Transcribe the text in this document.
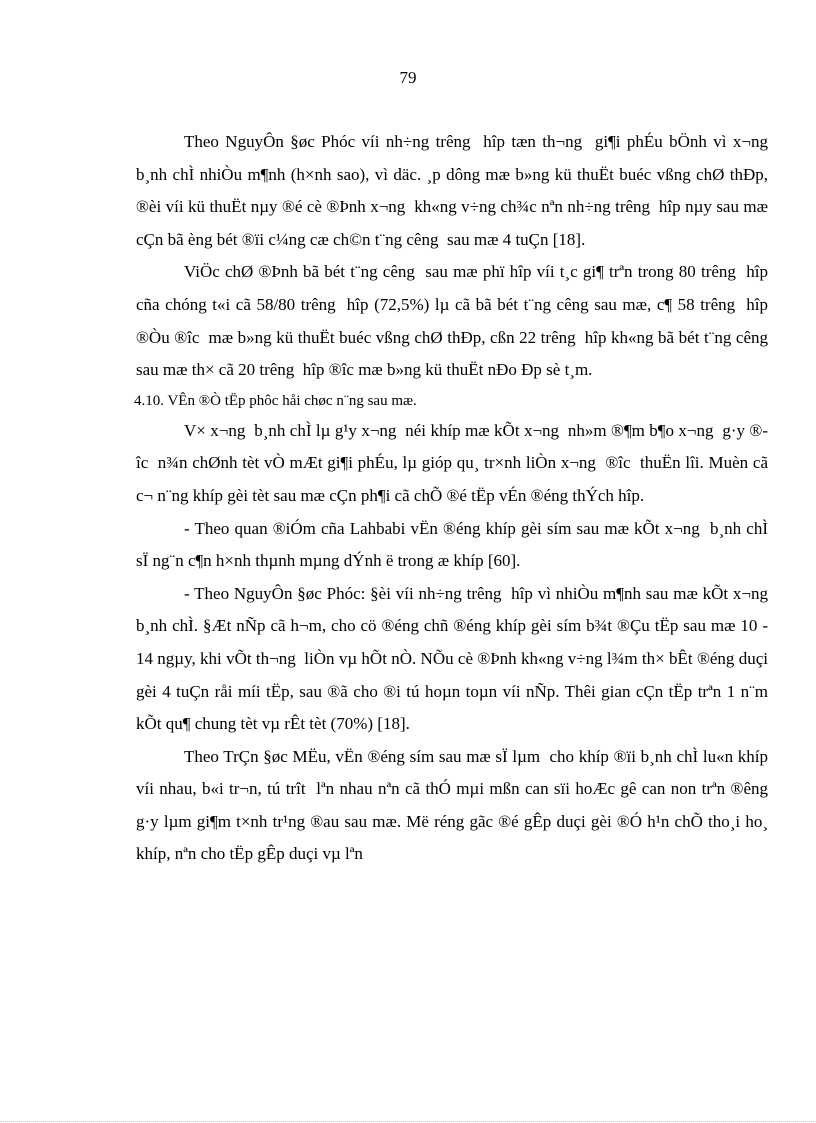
79

Theo NguyÔn §øc Phóc víi nh÷ng trêng  hîp tæn th¬ng  gi¶i phÉu bÖnh vì x¬ng  b¸nh chÌ nhiÒu m¶nh (h×nh sao), vì däc. ¸p dông mæ b»ng kü thuËt buéc vßng chØ thÐp, ®èi víi kü thuËt nµy ®é cè ®Þnh x¬ng  kh«ng v÷ng ch¾c nªn nh÷ng trêng  hîp nµy sau mæ cÇn bã èng bét ®ïi c¼ng cæ ch©n t¨ng cêng  sau mæ 4 tuÇn [18].

ViÖc chØ ®Þnh bã bét t¨ng cêng  sau mæ phï hîp víi t¸c gi¶ trªn trong 80 trêng  hîp cña chóng t«i cã 58/80 trêng  hîp (72,5%) lµ cã bã bét t¨ng cêng sau mæ, c¶ 58 trêng  hîp ®Òu ®îc  mæ b»ng kü thuËt buéc vßng chØ thÐp, cßn 22 trêng  hîp kh«ng bã bét t¨ng cêng  sau mæ th× cã 20 trêng  hîp ®îc mæ b»ng kü thuËt nÐo Ðp sè t¸m.

4.10. VÊn ®Ò tËp phôc håi chøc n¨ng sau mæ.

V× x¬ng  b¸nh chÌ lµ g¹y x¬ng  néi khíp mæ kÕt x¬ng  nh»m ®¶m b¶o x¬ng  g·y ®îc  n¾n chØnh tèt vÒ mÆt gi¶i phÉu, lµ gióp qu¸ tr×nh liÒn x¬ng  ®îc  thuËn lîi. Muèn cã c¬ n¨ng khíp gèi tèt sau mæ cÇn ph¶i cã chÕ ®é tËp vÉn ®éng thÝch hîp.

- Theo quan ®iÓm cña Lahbabi vËn ®éng khíp gèi sím sau mæ kÕt x¬ng  b¸nh chÌ sÏ ng¨n c¶n h×nh thµnh mµng dÝnh ë trong æ khíp [60].

- Theo NguyÔn §øc Phóc: §èi víi nh÷ng trêng  hîp vì nhiÒu m¶nh sau mæ kÕt x¬ng  b¸nh chÌ. §Æt nÑp cã h¬m, cho cö ®éng chñ ®éng khíp gèi sím b¾t ®Çu tËp sau mæ 10 - 14 ngµy, khi vÕt th¬ng  liÒn vµ hÕt nÒ. NÕu cè ®Þnh kh«ng v÷ng l¾m th× bÊt ®éng duçi gèi 4 tuÇn råi míi tËp, sau ®ã cho ®i tú hoµn toµn víi nÑp. Thêi gian cÇn tËp trªn 1 n¨m kÕt qu¶ chung tèt vµ rÊt tèt (70%) [18].

Theo TrÇn §øc MËu, vËn ®éng sím sau mæ sÏ lµm  cho khíp ®ïi b¸nh chÌ lu«n khíp víi nhau, b«i tr¬n, tú trît  lªn nhau nªn cã thÓ mµi mßn can sïi hoÆc gê can non trªn ®êng  g·y lµm gi¶m t×nh tr¹ng ®au sau mæ. Më réng gãc ®é gÊp duçi gèi ®Ó h¹n chÕ tho¸i ho¸ khíp, nªn cho tËp gÊp duçi vµ lªn
